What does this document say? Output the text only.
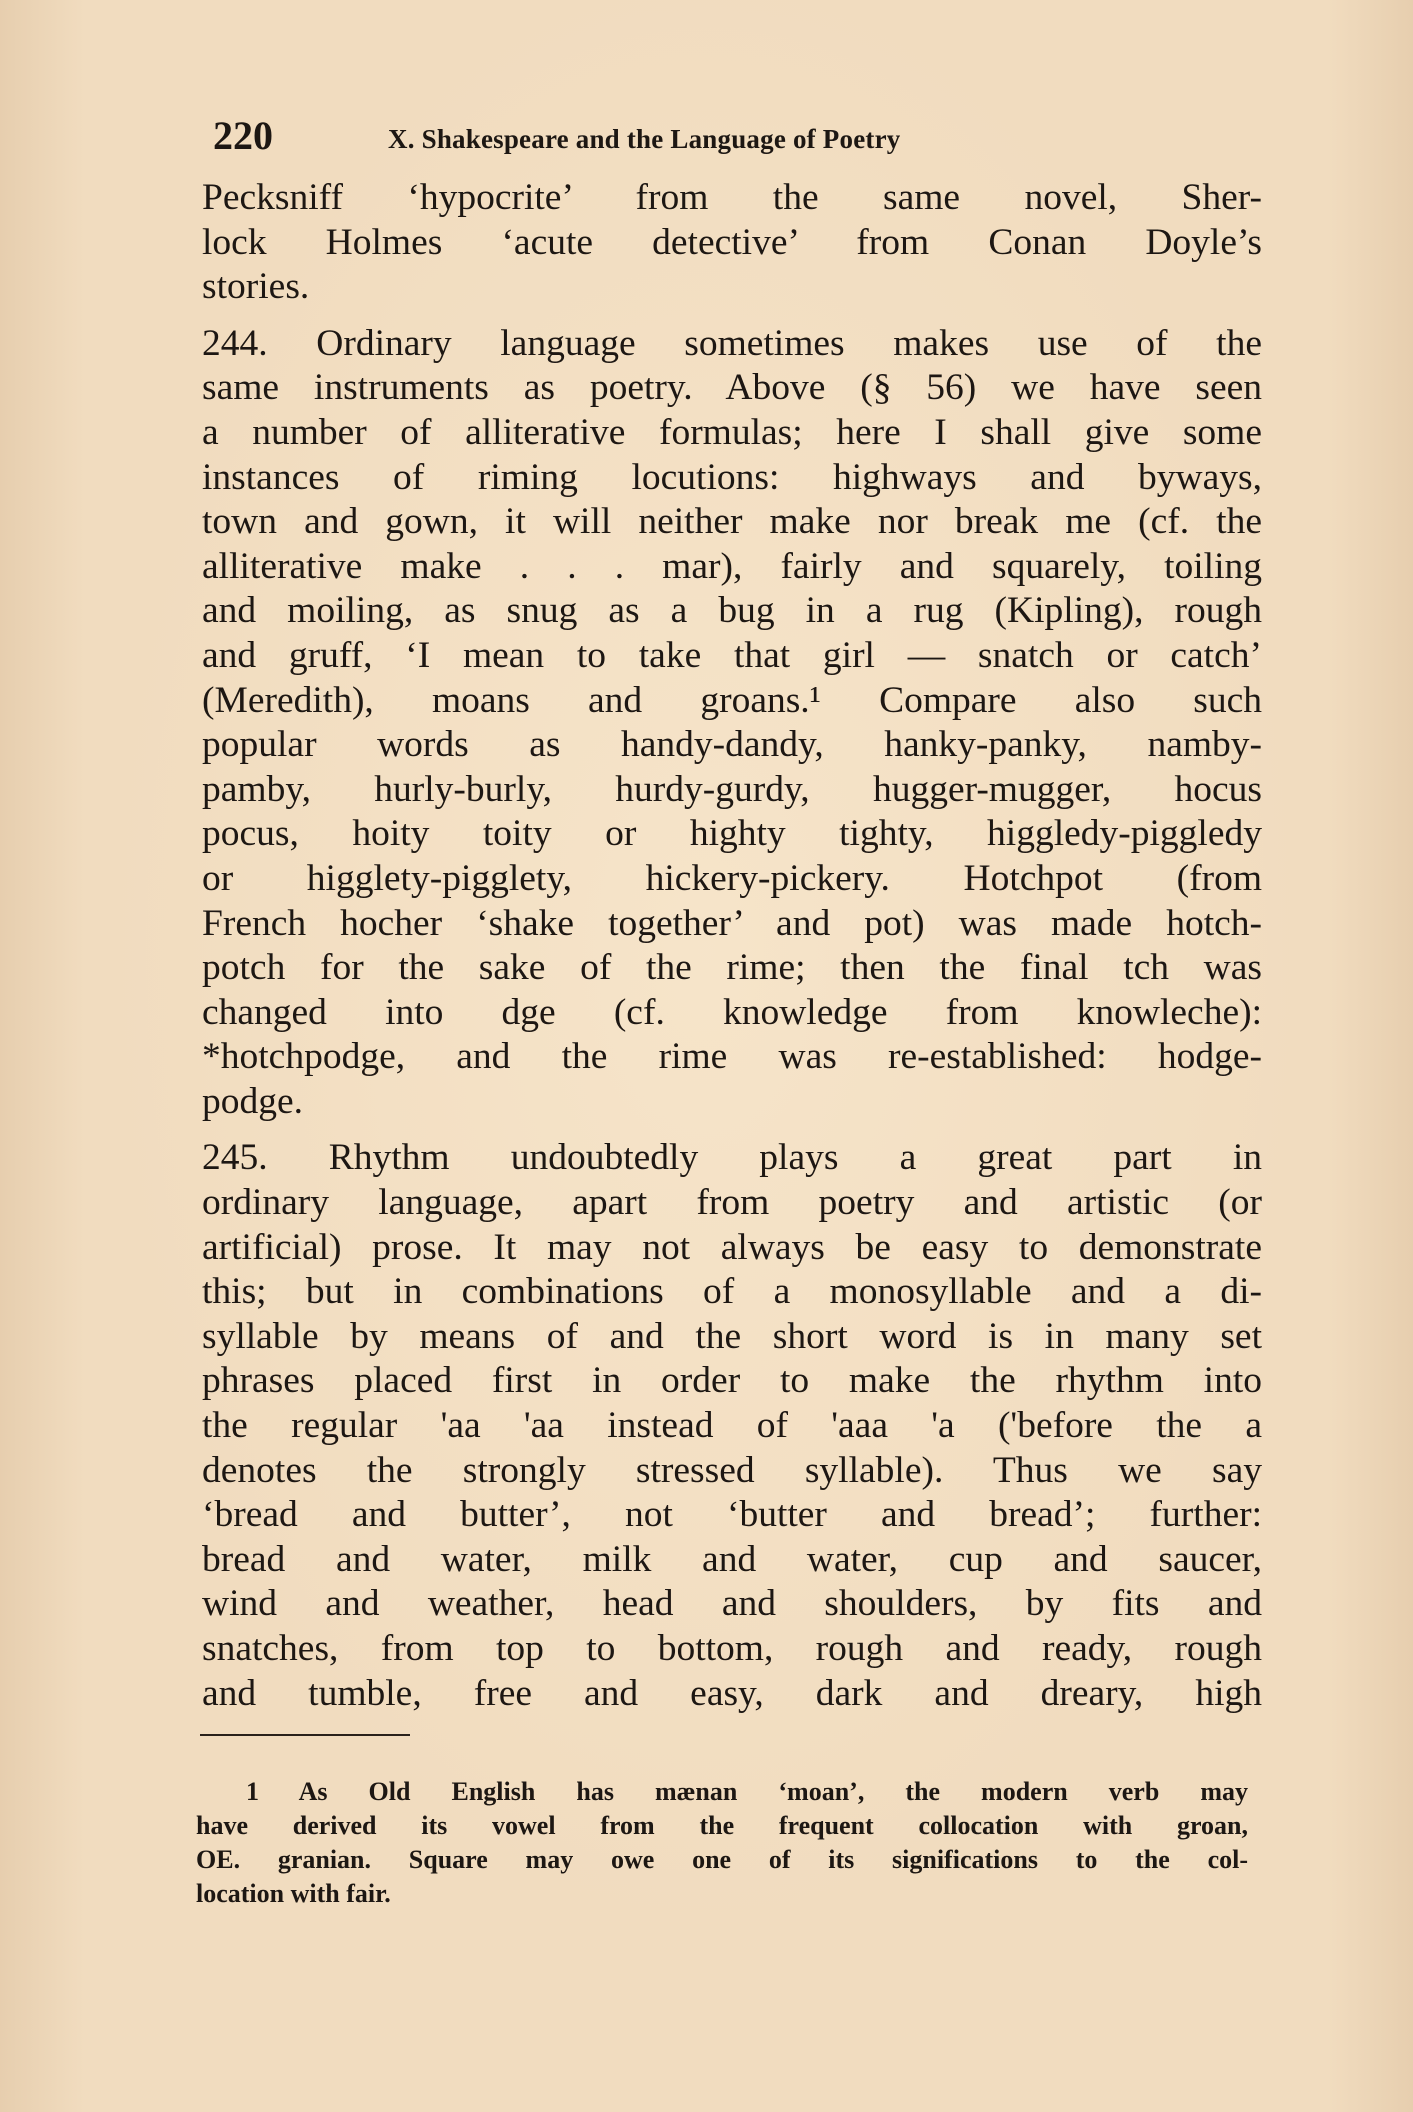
220	X. Shakespeare and the Language of Poetry
Pecksniff ‘hypocrite’ from the same novel, Sher-
lock Holmes ‘acute detective’ from Conan Doyle’s
stories.
244. Ordinary language sometimes makes use of the
same instruments as poetry. Above (§ 56) we have seen
a number of alliterative formulas; here I shall give some
instances of riming locutions: highways and byways,
town and gown, it will neither make nor break me (cf. the
alliterative make . . . mar), fairly and squarely, toiling
and moiling, as snug as a bug in a rug (Kipling), rough
and gruff, ‘I mean to take that girl — snatch or catch’
(Meredith), moans and groans.¹ Compare also such
popular words as handy-dandy, hanky-panky, namby-
pamby, hurly-burly, hurdy-gurdy, hugger-mugger, hocus
pocus, hoity toity or highty tighty, higgledy-piggledy
or higglety-pigglety, hickery-pickery. Hotchpot (from
French hocher ‘shake together’ and pot) was made hotch-
potch for the sake of the rime; then the final tch was
changed into dge (cf. knowledge from knowleche):
*hotchpodge, and the rime was re-established: hodge-
podge.
245. Rhythm undoubtedly plays a great part in
ordinary language, apart from poetry and artistic (or
artificial) prose. It may not always be easy to demonstrate
this; but in combinations of a monosyllable and a di-
syllable by means of and the short word is in many set
phrases placed first in order to make the rhythm into
the regular 'aa 'aa instead of 'aaa 'a ('before the a
denotes the strongly stressed syllable). Thus we say
‘bread and butter’, not ‘butter and bread’; further:
bread and water, milk and water, cup and saucer,
wind and weather, head and shoulders, by fits and
snatches, from top to bottom, rough and ready, rough
and tumble, free and easy, dark and dreary, high
1 As Old English has mænan ‘moan’, the modern verb may
have derived its vowel from the frequent collocation with groan,
OE. granian. Square may owe one of its significations to the col-
location with fair.
